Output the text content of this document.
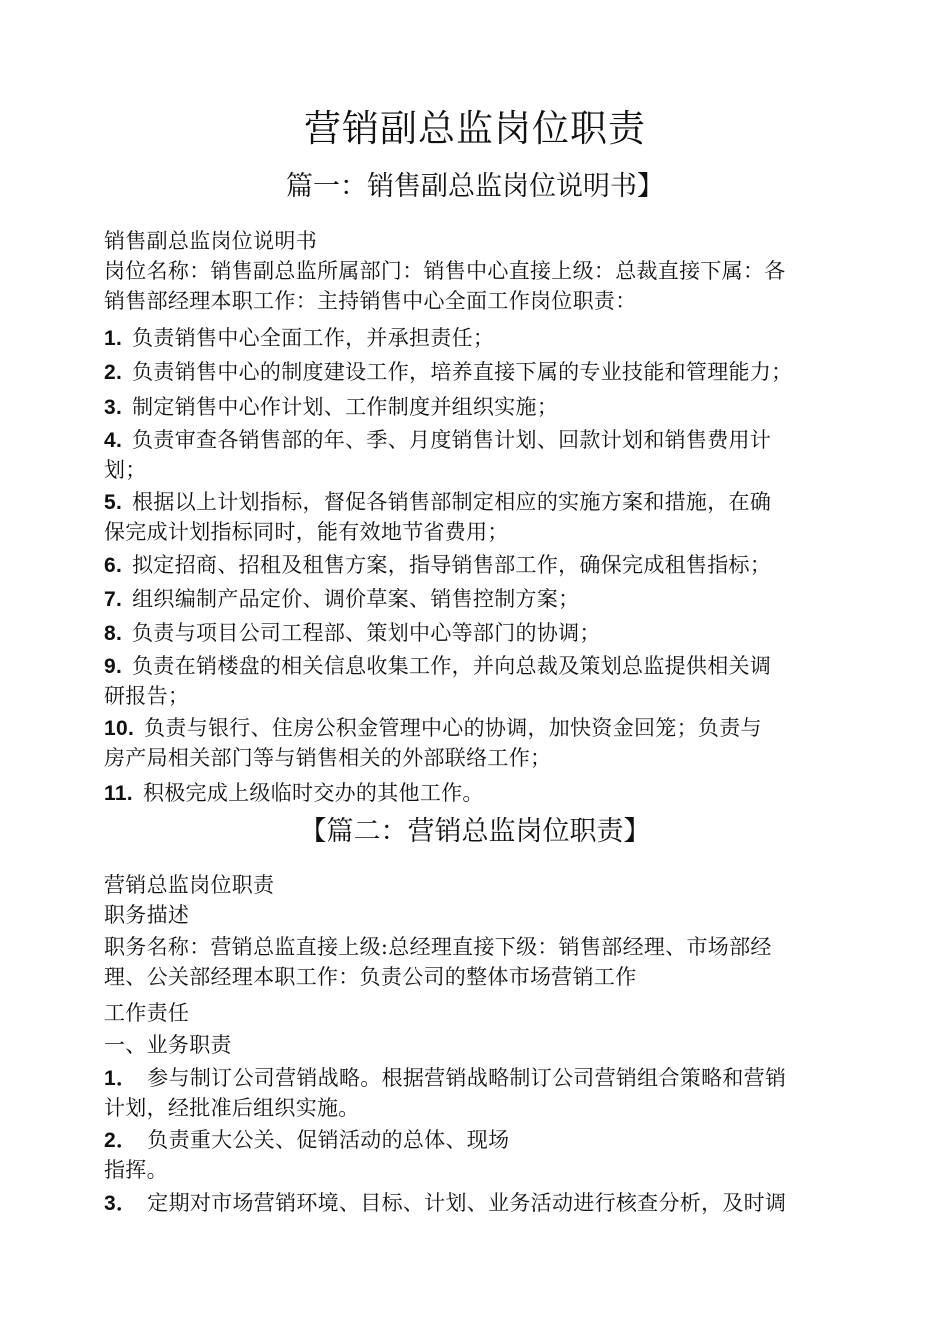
营销副总监岗位职责
篇一：销售副总监岗位说明书】
销售副总监岗位说明书
岗位名称：销售副总监所属部门：销售中心直接上级：总裁直接下属：各
销售部经理本职工作：主持销售中心全面工作岗位职责：
1. 负责销售中心全面工作，并承担责任；
2. 负责销售中心的制度建设工作，培养直接下属的专业技能和管理能力；
3. 制定销售中心作计划、工作制度并组织实施；
4. 负责审查各销售部的年、季、月度销售计划、回款计划和销售费用计
划；
5. 根据以上计划指标，督促各销售部制定相应的实施方案和措施，在确
保完成计划指标同时，能有效地节省费用；
6. 拟定招商、招租及租售方案，指导销售部工作，确保完成租售指标；
7. 组织编制产品定价、调价草案、销售控制方案；
8. 负责与项目公司工程部、策划中心等部门的协调；
9. 负责在销楼盘的相关信息收集工作，并向总裁及策划总监提供相关调
研报告；
10. 负责与银行、住房公积金管理中心的协调，加快资金回笼；负责与
房产局相关部门等与销售相关的外部联络工作；
11. 积极完成上级临时交办的其他工作。
【篇二：营销总监岗位职责】
营销总监岗位职责
职务描述
职务名称：营销总监直接上级:总经理直接下级：销售部经理、市场部经
理、公关部经理本职工作：负责公司的整体市场营销工作
工作责任
一、业务职责
1． 参与制订公司营销战略。根据营销战略制订公司营销组合策略和营销
计划，经批准后组织实施。
2． 负责重大公关、促销活动的总体、现场
指挥。
3． 定期对市场营销环境、目标、计划、业务活动进行核查分析，及时调
